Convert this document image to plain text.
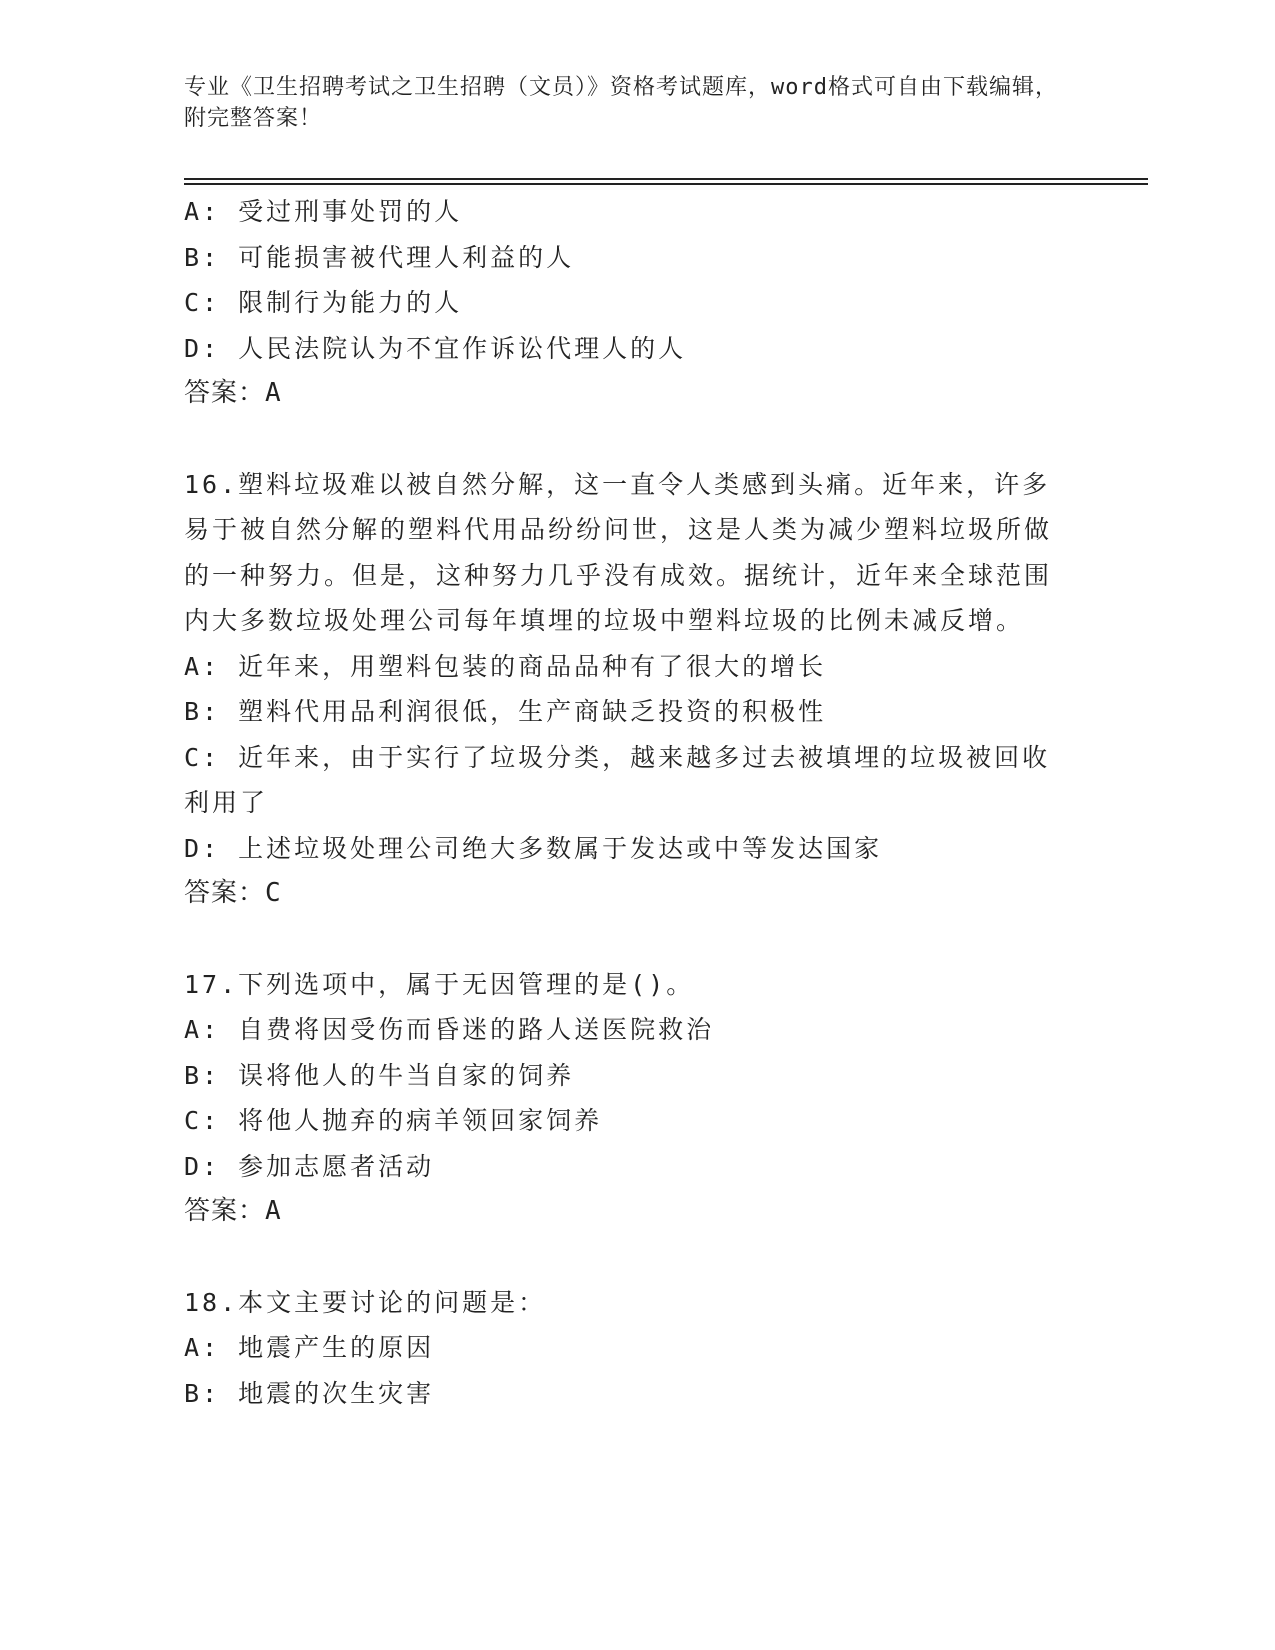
专业《卫生招聘考试之卫生招聘（文员）》资格考试题库，word格式可自由下载编辑，附完整答案！
A: 受过刑事处罚的人
B: 可能损害被代理人利益的人
C: 限制行为能力的人
D: 人民法院认为不宜作诉讼代理人的人
答案：A
16.塑料垃圾难以被自然分解，这一直令人类感到头痛。近年来，许多易于被自然分解的塑料代用品纷纷问世，这是人类为减少塑料垃圾所做的一种努力。但是，这种努力几乎没有成效。据统计，近年来全球范围内大多数垃圾处理公司每年填埋的垃圾中塑料垃圾的比例未减反增。
A: 近年来，用塑料包装的商品品种有了很大的增长
B: 塑料代用品利润很低，生产商缺乏投资的积极性
C: 近年来，由于实行了垃圾分类，越来越多过去被填埋的垃圾被回收利用了
D: 上述垃圾处理公司绝大多数属于发达或中等发达国家
答案：C
17.下列选项中，属于无因管理的是()。
A: 自费将因受伤而昏迷的路人送医院救治
B: 误将他人的牛当自家的饲养
C: 将他人抛弃的病羊领回家饲养
D: 参加志愿者活动
答案：A
18.本文主要讨论的问题是：
A: 地震产生的原因
B: 地震的次生灾害
